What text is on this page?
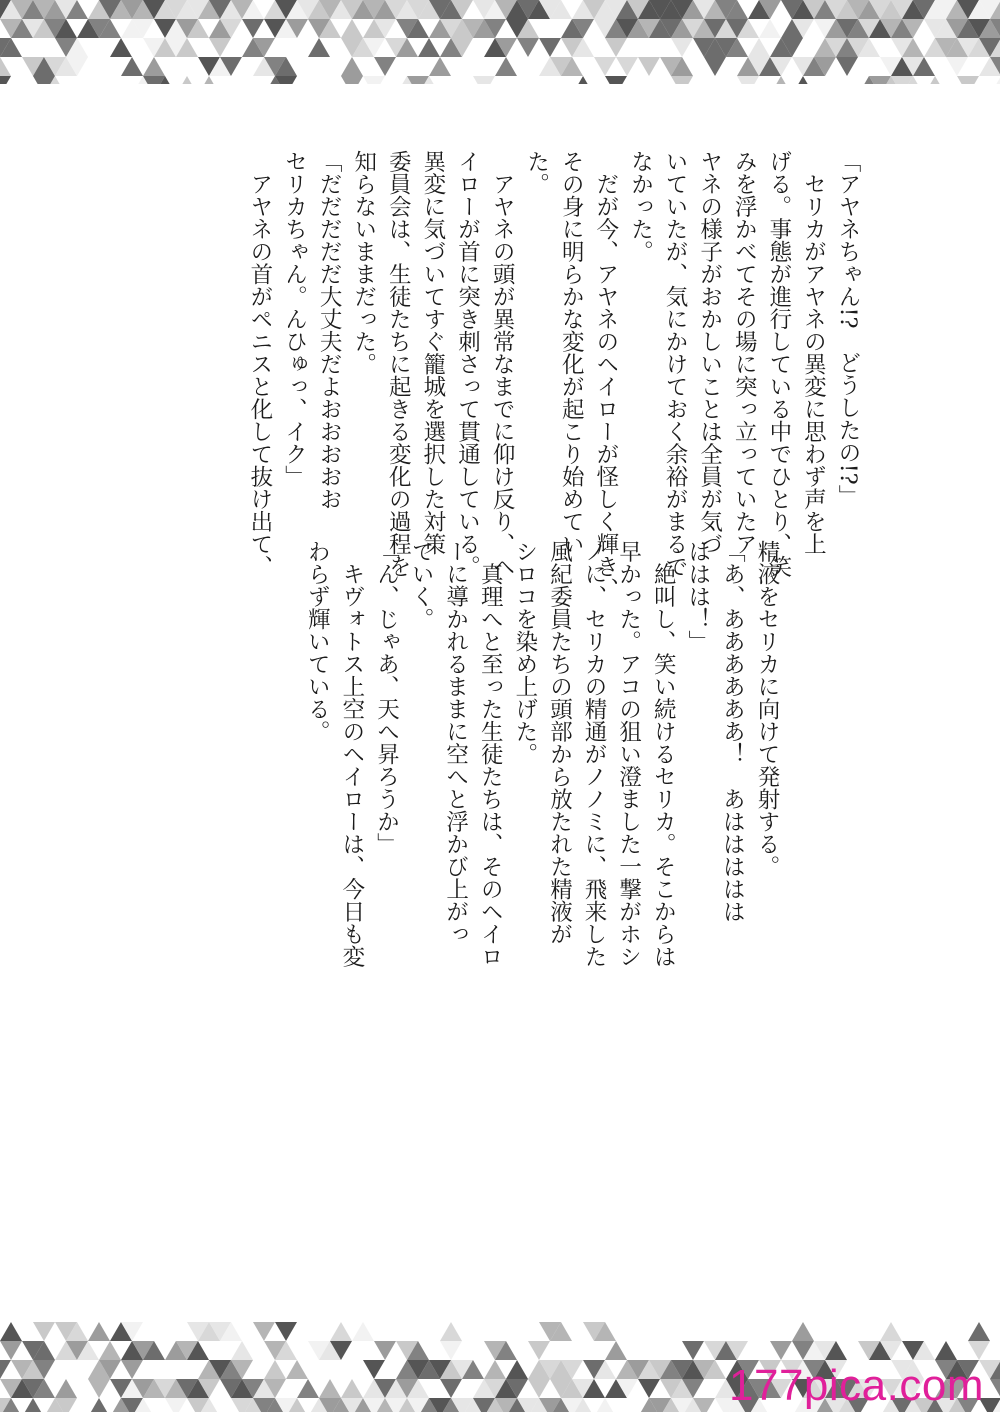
「アヤネちゃん!?　どうしたの!?」
　セリカがアヤネの異変に思わず声を上
げる。事態が進行している中でひとり、笑
みを浮かべてその場に突っ立っていたア
ヤネの様子がおかしいことは全員が気づ
いていたが、気にかけておく余裕がまるで
なかった。
　だが今、アヤネのヘイローが怪しく輝き、
その身に明らかな変化が起こり始めてい
た。
　アヤネの頭が異常なまでに仰け反り、ヘ
イローが首に突き刺さって貫通している。
異変に気づいてすぐ籠城を選択した対策
委員会は、生徒たちに起きる変化の過程を
知らないままだった。
「だだだだだ大丈夫だよおおおおお
セリカちゃん。んひゅっ、イク」
　アヤネの首がペニスと化して抜け出て、
精液をセリカに向けて発射する。
「あ、ああああああ！　あははははは
ははは！」
　絶叫し、笑い続けるセリカ。そこからは
早かった。アコの狙い澄ました一撃がホシ
ノに、セリカの精通がノノミに、飛来した
風紀委員たちの頭部から放たれた精液が
シロコを染め上げた。
　真理へと至った生徒たちは、そのヘイロ
ーに導かれるままに空へと浮かび上がっ
ていく。
「ん、じゃあ、天へ昇ろうか」
　キヴォトス上空のヘイローは、今日も変
わらず輝いている。
177pica.com
